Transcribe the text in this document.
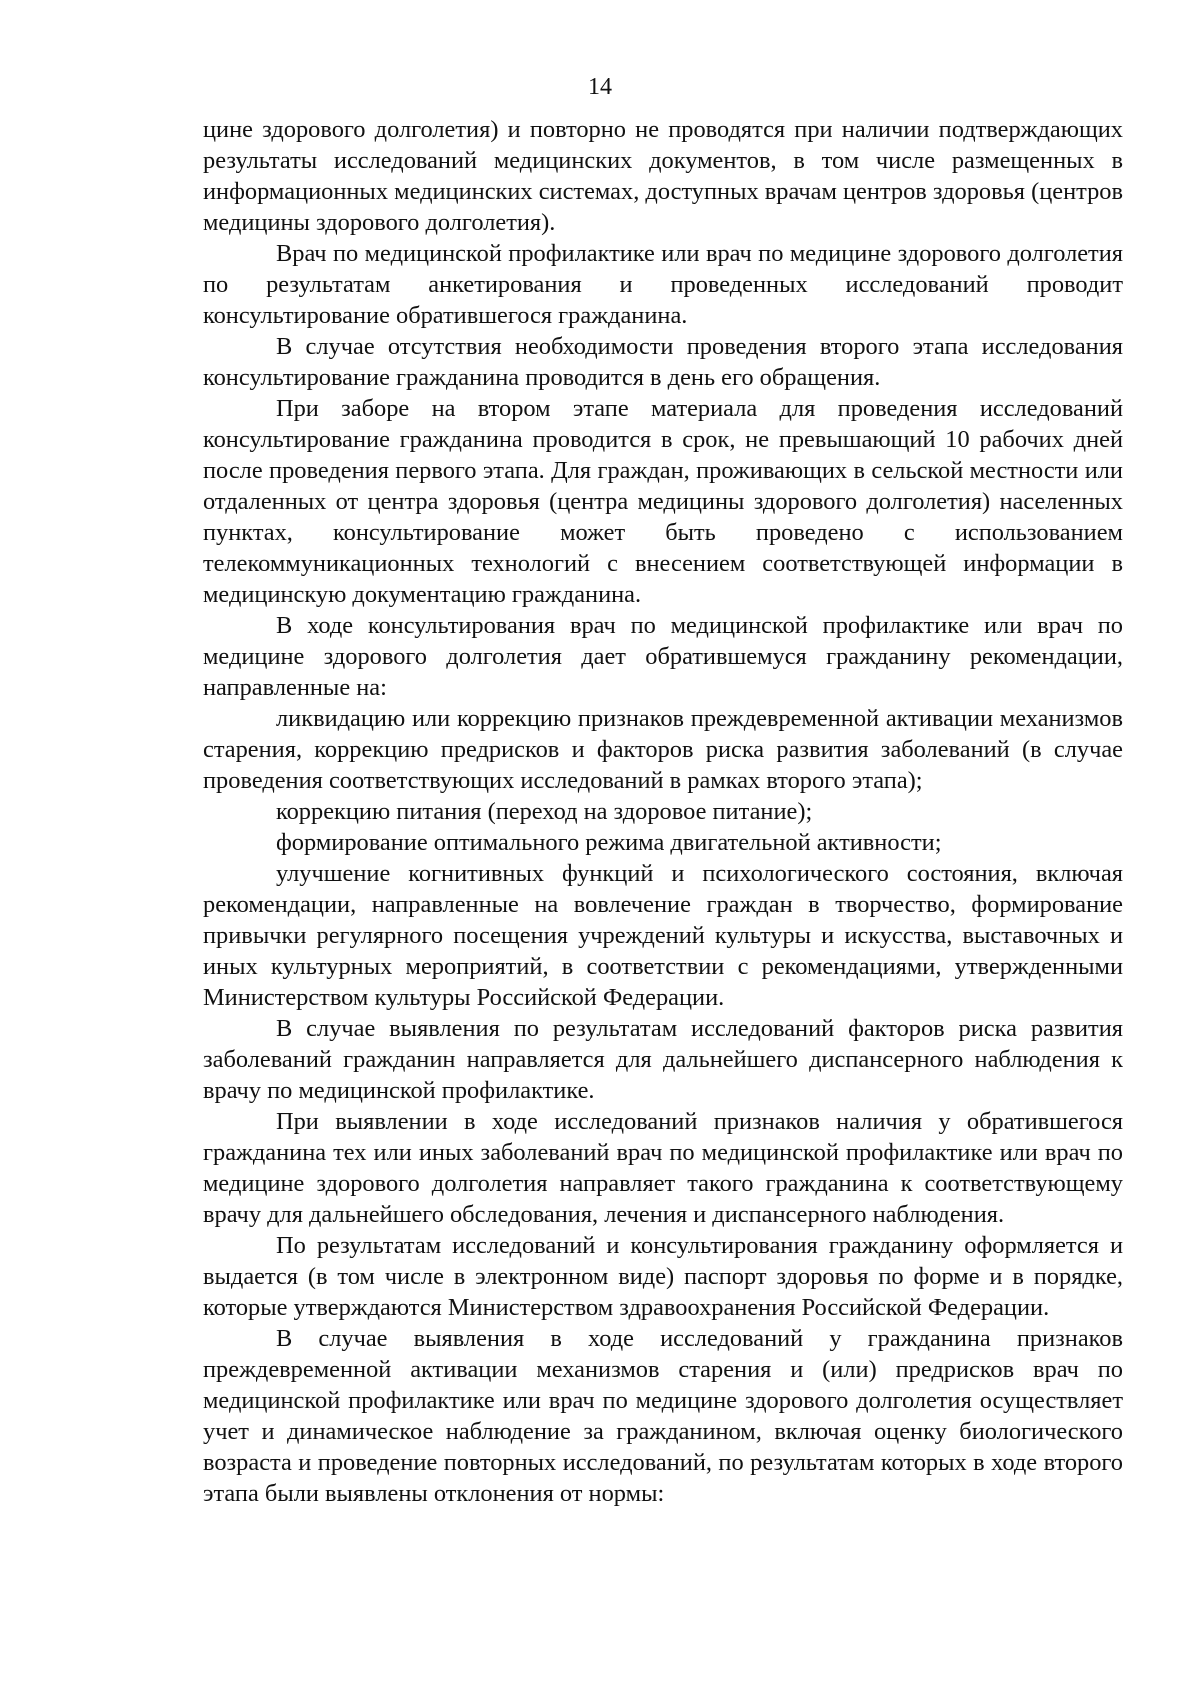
14

цине здорового долголетия) и повторно не проводятся при наличии подтверждающих результаты исследований медицинских документов, в том числе размещенных в информационных медицинских системах, доступных врачам центров здоровья (центров медицины здорового долголетия).

Врач по медицинской профилактике или врач по медицине здорового долголетия по результатам анкетирования и проведенных исследований проводит консультирование обратившегося гражданина.

В случае отсутствия необходимости проведения второго этапа исследования консультирование гражданина проводится в день его обращения.

При заборе на втором этапе материала для проведения исследований консультирование гражданина проводится в срок, не превышающий 10 рабочих дней после проведения первого этапа. Для граждан, проживающих в сельской местности или отдаленных от центра здоровья (центра медицины здорового долголетия) населенных пунктах, консультирование может быть проведено с использованием телекоммуникационных технологий с внесением соответствующей информации в медицинскую документацию гражданина.

В ходе консультирования врач по медицинской профилактике или врач по медицине здорового долголетия дает обратившемуся гражданину рекомендации, направленные на:

ликвидацию или коррекцию признаков преждевременной активации механизмов старения, коррекцию предрисков и факторов риска развития заболеваний (в случае проведения соответствующих исследований в рамках второго этапа);

коррекцию питания (переход на здоровое питание);

формирование оптимального режима двигательной активности;

улучшение когнитивных функций и психологического состояния, включая рекомендации, направленные на вовлечение граждан в творчество, формирование привычки регулярного посещения учреждений культуры и искусства, выставочных и иных культурных мероприятий, в соответствии с рекомендациями, утвержденными Министерством культуры Российской Федерации.

В случае выявления по результатам исследований факторов риска развития заболеваний гражданин направляется для дальнейшего диспансерного наблюдения к врачу по медицинской профилактике.

При выявлении в ходе исследований признаков наличия у обратившегося гражданина тех или иных заболеваний врач по медицинской профилактике или врач по медицине здорового долголетия направляет такого гражданина к соответствующему врачу для дальнейшего обследования, лечения и диспансерного наблюдения.

По результатам исследований и консультирования гражданину оформляется и выдается (в том числе в электронном виде) паспорт здоровья по форме и в порядке, которые утверждаются Министерством здравоохранения Российской Федерации.

В случае выявления в ходе исследований у гражданина признаков преждевременной активации механизмов старения и (или) предрисков врач по медицинской профилактике или врач по медицине здорового долголетия осуществляет учет и динамическое наблюдение за гражданином, включая оценку биологического возраста и проведение повторных исследований, по результатам которых в ходе второго этапа были выявлены отклонения от нормы:
